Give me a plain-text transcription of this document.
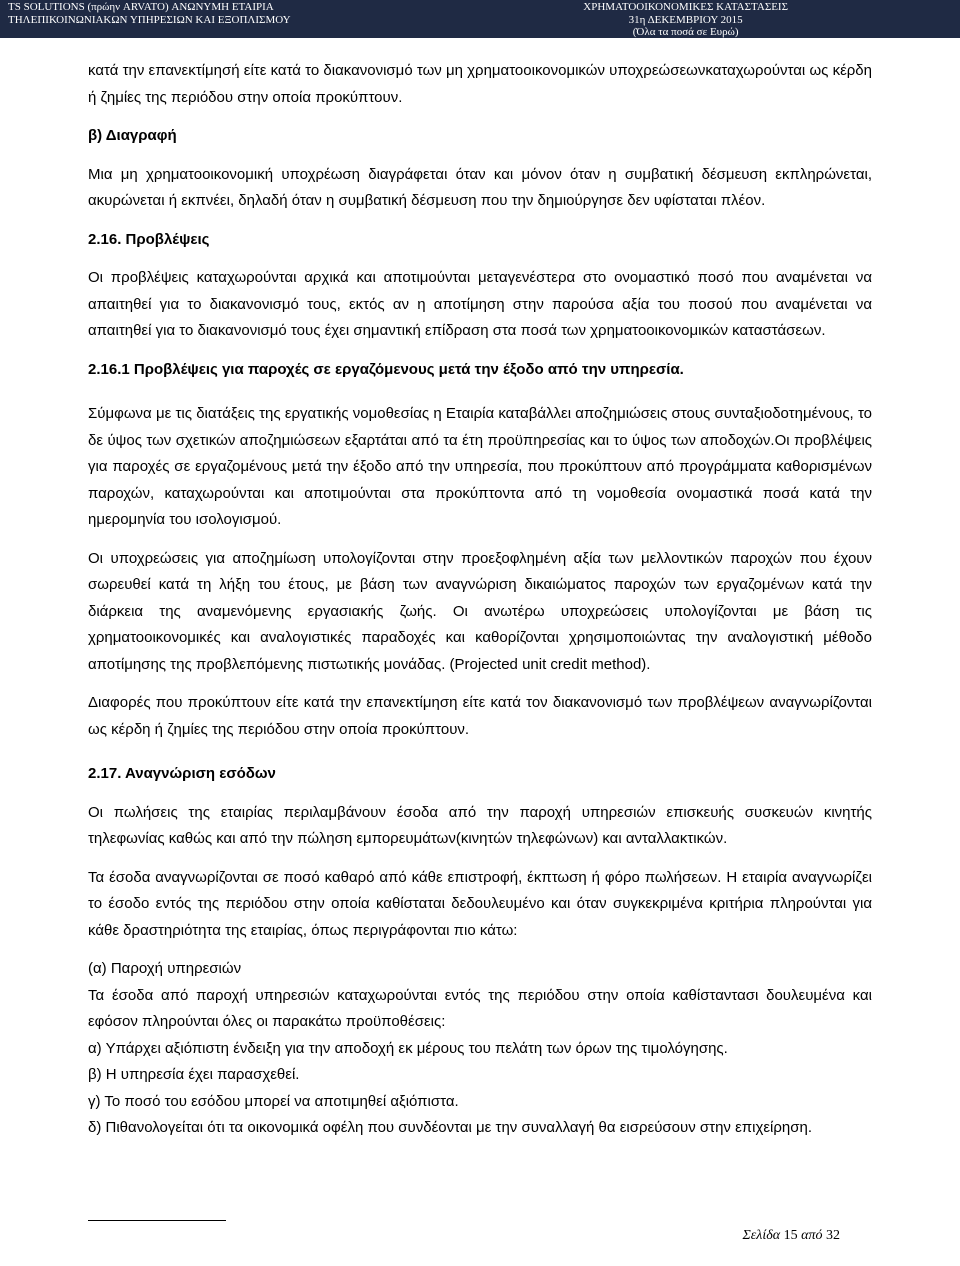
TS SOLUTIONS (πρώην ARVATO) ΑΝΩΝΥΜΗ ΕΤΑΙΡΙΑ
ΤΗΛΕΠΙΚΟΙΝΩΝΙΑΚΩΝ ΥΠΗΡΕΣΙΩΝ ΚΑΙ ΕΞΟΠΛΙΣΜΟΥ
ΧΡΗΜΑΤΟΟΙΚΟΝΟΜΙΚΕΣ ΚΑΤΑΣΤΑΣΕΙΣ
31η ΔΕΚΕΜΒΡΙΟΥ 2015
(Όλα τα ποσά σε Ευρώ)

κατά την επανεκτίμησή είτε κατά το διακανονισμό των μη χρηματοοικονομικών υποχρεώσεωνκαταχωρούνται ως κέρδη ή ζημίες της περιόδου στην οποία προκύπτουν.

β) Διαγραφή

Μια μη χρηματοοικονομική υποχρέωση διαγράφεται όταν και μόνον όταν η συμβατική δέσμευση εκπληρώνεται, ακυρώνεται ή εκπνέει, δηλαδή όταν η συμβατική δέσμευση που την δημιούργησε δεν υφίσταται πλέον.

2.16. Προβλέψεις

Οι προβλέψεις καταχωρούνται αρχικά και αποτιμούνται μεταγενέστερα στο ονομαστικό ποσό που αναμένεται να απαιτηθεί για το διακανονισμό τους, εκτός αν η αποτίμηση στην παρούσα αξία του ποσού που αναμένεται να απαιτηθεί για το διακανονισμό τους έχει σημαντική επίδραση στα ποσά των χρηματοοικονομικών καταστάσεων.

2.16.1 Προβλέψεις για παροχές σε εργαζόμενους μετά την έξοδο από την υπηρεσία.

Σύμφωνα με τις διατάξεις της εργατικής νομοθεσίας η Εταιρία καταβάλλει αποζημιώσεις στους συνταξιοδοτημένους, το δε ύψος των σχετικών αποζημιώσεων εξαρτάται από τα έτη προϋπηρεσίας και το ύψος των αποδοχών.Οι προβλέψεις για παροχές σε εργαζομένους μετά την έξοδο από την υπηρεσία, που προκύπτουν από προγράμματα καθορισμένων παροχών, καταχωρούνται και αποτιμούνται στα προκύπτοντα από τη νομοθεσία ονομαστικά ποσά κατά την ημερομηνία του ισολογισμού.

Οι υποχρεώσεις για αποζημίωση υπολογίζονται στην προεξοφλημένη αξία των μελλοντικών παροχών που έχουν σωρευθεί κατά τη λήξη του έτους, με βάση των αναγνώριση δικαιώματος παροχών των εργαζομένων κατά την διάρκεια της αναμενόμενης εργασιακής ζωής. Οι ανωτέρω υποχρεώσεις υπολογίζονται με βάση τις χρηματοοικονομικές και αναλογιστικές παραδοχές και καθορίζονται χρησιμοποιώντας την αναλογιστική μέθοδο αποτίμησης της προβλεπόμενης πιστωτικής μονάδας. (Projected unit credit method).

Διαφορές που προκύπτουν είτε κατά την επανεκτίμηση είτε κατά τον διακανονισμό των προβλέψεων αναγνωρίζονται ως κέρδη ή ζημίες της περιόδου στην οποία προκύπτουν.

2.17. Αναγνώριση εσόδων

Οι πωλήσεις της εταιρίας περιλαμβάνουν έσοδα από την παροχή υπηρεσιών επισκευής συσκευών κινητής τηλεφωνίας καθώς και από την πώληση εμπορευμάτων(κινητών τηλεφώνων) και ανταλλακτικών.

Τα έσοδα αναγνωρίζονται σε ποσό καθαρό από κάθε επιστροφή, έκπτωση ή φόρο πωλήσεων. Η εταιρία αναγνωρίζει το έσοδο εντός της περιόδου στην οποία καθίσταται δεδουλευμένο και όταν συγκεκριμένα κριτήρια πληρούνται για κάθε δραστηριότητα της εταιρίας, όπως περιγράφονται πιο κάτω:

(α) Παροχή υπηρεσιών

Τα έσοδα από παροχή υπηρεσιών καταχωρούνται εντός της περιόδου στην οποία καθίσταντασι δουλευμένα και εφόσον πληρούνται όλες οι παρακάτω προϋποθέσεις:

α) Υπάρχει αξιόπιστη ένδειξη για την αποδοχή εκ μέρους του πελάτη των όρων της τιμολόγησης.

β) Η υπηρεσία έχει παρασχεθεί.

γ) Το ποσό του εσόδου μπορεί να αποτιμηθεί αξιόπιστα.

δ) Πιθανολογείται ότι τα οικονομικά οφέλη που συνδέονται με την συναλλαγή θα εισρεύσουν στην επιχείρηση.

Σελίδα 15 από 32
